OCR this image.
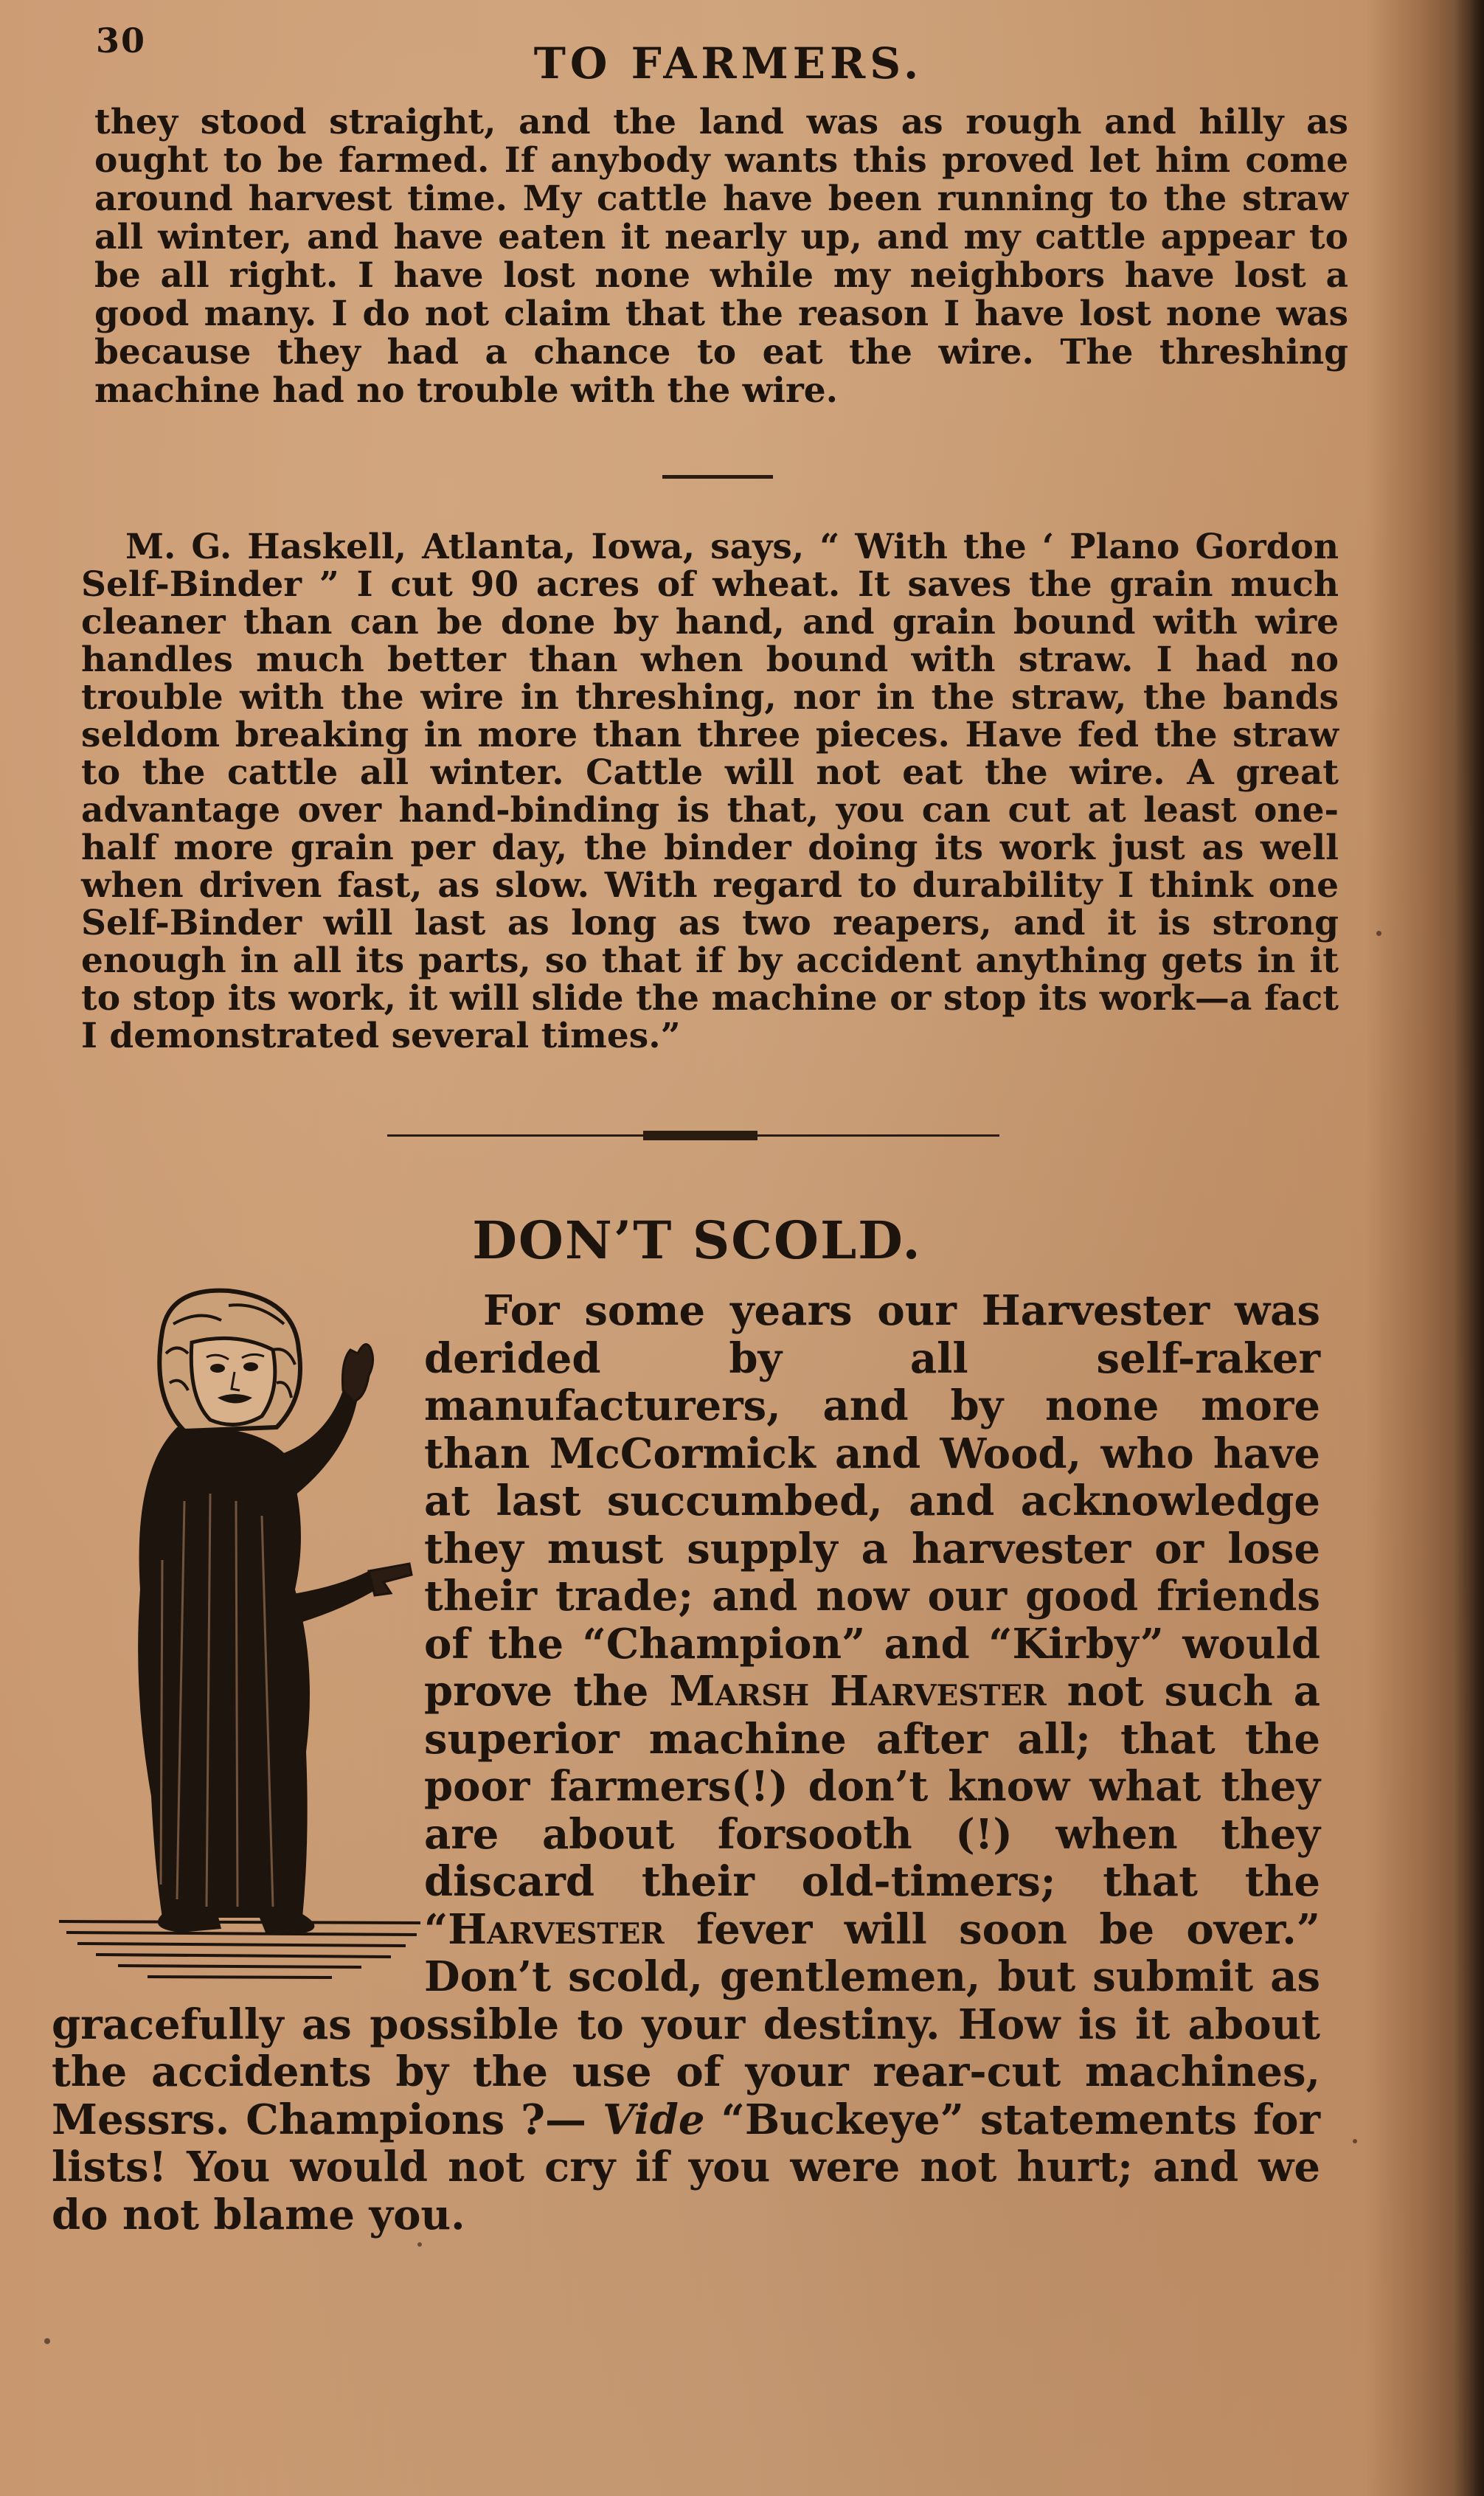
30	TO FARMERS.
they stood straight, and the land was as rough and hilly as ought to be farmed. If anybody wants this proved let him come around harvest time. My cattle have been running to the straw all winter, and have eaten it nearly up, and my cattle appear to be all right. I have lost none while my neighbors have lost a good many. I do not claim that the reason I have lost none was because they had a chance to eat the wire. The threshing machine had no trouble with the wire.
M. G. Haskell, Atlanta, Iowa, says, “ With the ‘ Plano Gordon Self-Binder ” I cut 90 acres of wheat. It saves the grain much cleaner than can be done by hand, and grain bound with wire handles much better than when bound with straw. I had no trouble with the wire in threshing, nor in the straw, the bands seldom breaking in more than three pieces. Have fed the straw to the cattle all winter. Cattle will not eat the wire. A great advantage over hand-binding is that, you can cut at least one-half more grain per day, the binder doing its work just as well when driven fast, as slow. With regard to durability I think one Self-Binder will last as long as two reapers, and it is strong enough in all its parts, so that if by accident anything gets in it to stop its work, it will slide the machine or stop its work—a fact I demonstrated several times.”
DON’T SCOLD.
For some years our Harvester was derided by all self-raker manufacturers, and by none more than McCormick and Wood, who have at last succumbed, and acknowledge they must supply a harvester or lose their trade; and now our good friends of the “Champion” and “Kirby” would prove the Marsh Harvester not such a superior machine after all; that the poor farmers(!) don’t know what they are about forsooth (!) when they discard their old-timers; that the “Harvester fever will soon be over.” Don’t scold, gentlemen, but submit as gracefully as possible to your destiny. How is it about the accidents by the use of your rear-cut machines, Messrs. Champions ?— Vide “Buckeye” statements for lists! You would not cry if you were not hurt; and we do not blame you.
